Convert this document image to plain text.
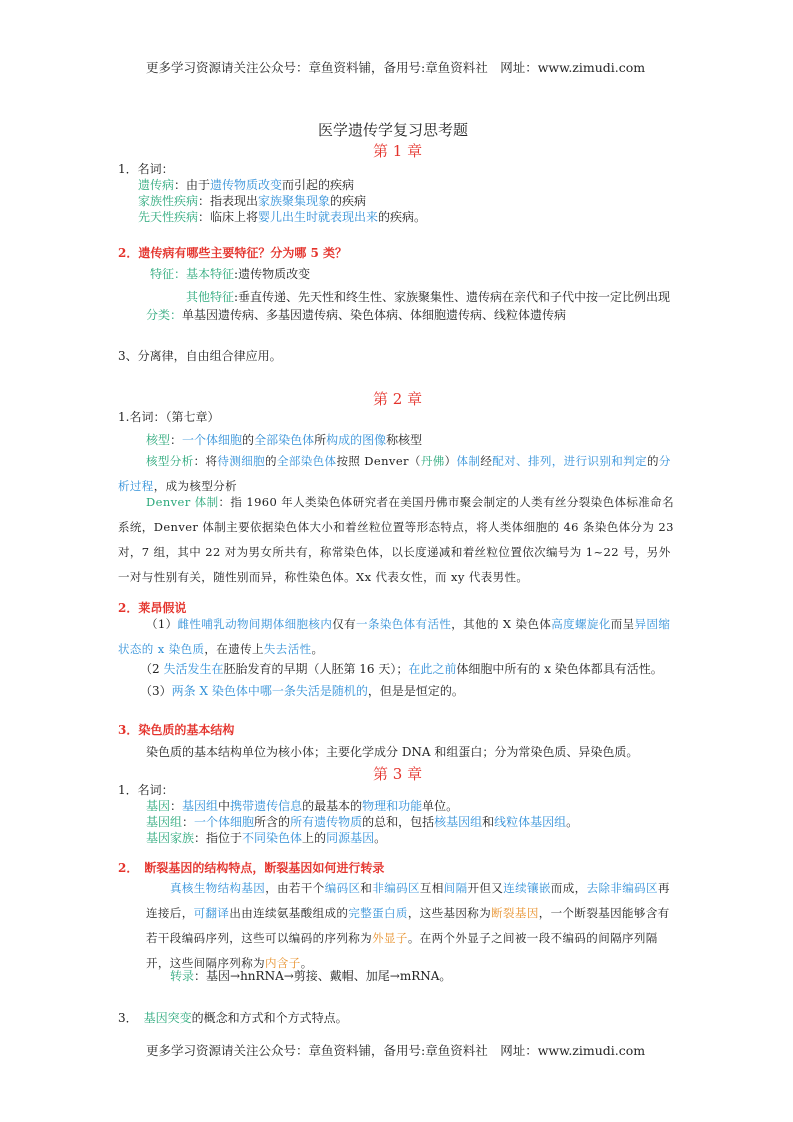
更多学习资源请关注公众号：章鱼资料铺，备用号:章鱼资料社　网址：www.zimudi.com
医学遗传学复习思考题
第 1 章
1．名词：
遗传病：由于遗传物质改变而引起的疾病
家族性疾病：指表现出家族聚集现象的疾病
先天性疾病：临床上将婴儿出生时就表现出来的疾病。
2．遗传病有哪些主要特征？分为哪 5 类？
特征：基本特征:遗传物质改变
其他特征:垂直传递、先天性和终生性、家族聚集性、遗传病在亲代和子代中按一定比例出现
分类：单基因遗传病、多基因遗传病、染色体病、体细胞遗传病、线粒体遗传病
3、分离律，自由组合律应用。
第 2 章
1.名词：（第七章）
核型：一个体细胞的全部染色体所构成的图像称核型
核型分析：将待测细胞的全部染色体按照 Denver（丹佛）体制经配对、排列，进行识别和判定的分析过程，成为核型分析
Denver 体制：指 1960 年人类染色体研究者在美国丹佛市聚会制定的人类有丝分裂染色体标准命名系统，Denver 体制主要依据染色体大小和着丝粒位置等形态特点，将人类体细胞的 46 条染色体分为 23 对，7 组，其中 22 对为男女所共有，称常染色体，以长度递减和着丝粒位置依次编号为 1~22 号，另外一对与性别有关，随性别而异，称性染色体。Xx 代表女性，而 xy 代表男性。
2．莱昂假说
（1）雌性哺乳动物间期体细胞核内仅有一条染色体有活性，其他的 X 染色体高度螺旋化而呈异固缩状态的 x 染色质，在遗传上失去活性。
（2 失活发生在胚胎发育的早期（人胚第 16 天）；在此之前体细胞中所有的 x 染色体都具有活性。
（3）两条 X 染色体中哪一条失活是随机的，但是是恒定的。
3．染色质的基本结构
染色质的基本结构单位为核小体；主要化学成分 DNA 和组蛋白；分为常染色质、异染色质。
第 3 章
1．名词：
基因：基因组中携带遗传信息的最基本的物理和功能单位。
基因组：一个体细胞所含的所有遗传物质的总和，包括核基因组和线粒体基因组。
基因家族：指位于不同染色体上的同源基因。
2．　断裂基因的结构特点，断裂基因如何进行转录
真核生物结构基因，由若干个编码区和非编码区互相间隔开但又连续镶嵌而成，去除非编码区再连接后，可翻译出由连续氨基酸组成的完整蛋白质，这些基因称为断裂基因，一个断裂基因能够含有若干段编码序列，这些可以编码的序列称为外显子。在两个外显子之间被一段不编码的间隔序列隔开，这些间隔序列称为内含子。
转录：基因→hnRNA→剪接、戴帽、加尾→mRNA。
3．　 基因突变的概念和方式和个方式特点。
更多学习资源请关注公众号：章鱼资料铺，备用号:章鱼资料社　网址：www.zimudi.com
